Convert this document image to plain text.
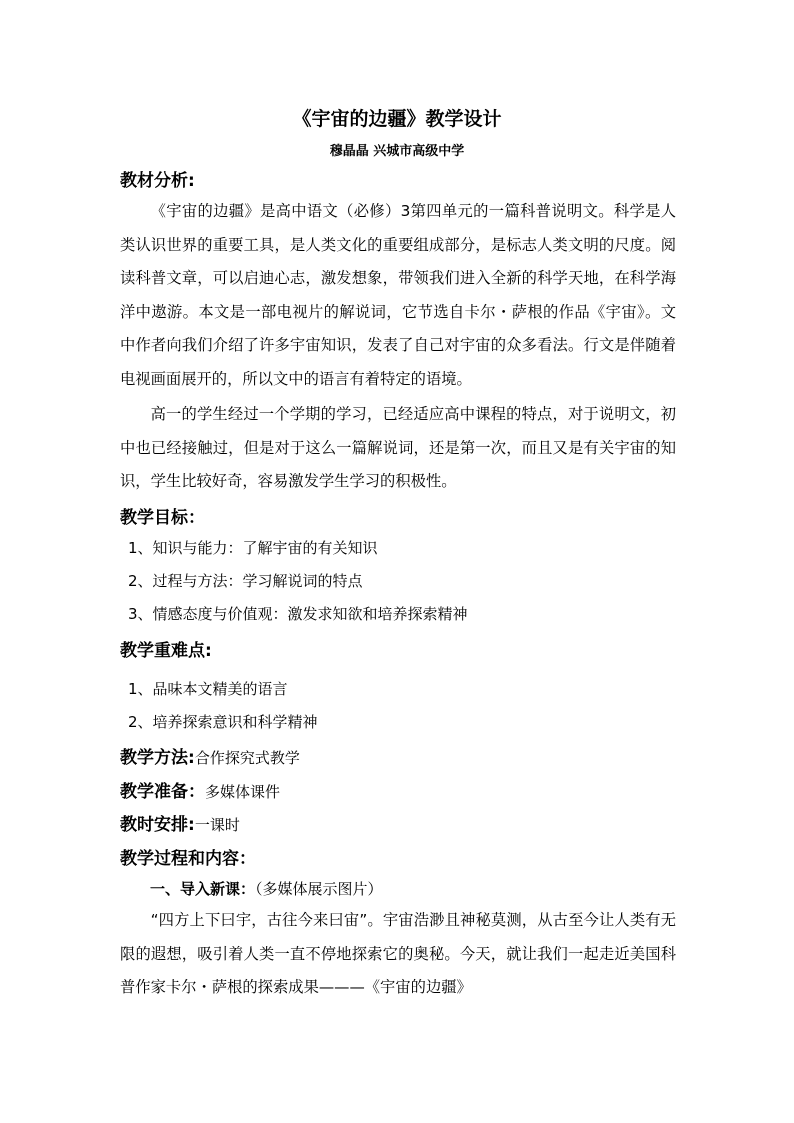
《宇宙的边疆》教学设计
穆晶晶 兴城市高级中学
教材分析:

《宇宙的边疆》是高中语文（必修）3第四单元的一篇科普说明文。科学是人类认识世界的重要工具，是人类文化的重要组成部分，是标志人类文明的尺度。阅读科普文章，可以启迪心志，激发想象，带领我们进入全新的科学天地，在科学海洋中遨游。本文是一部电视片的解说词，它节选自卡尔・萨根的作品《宇宙》。文中作者向我们介绍了许多宇宙知识，发表了自己对宇宙的众多看法。行文是伴随着电视画面展开的，所以文中的语言有着特定的语境。

高一的学生经过一个学期的学习，已经适应高中课程的特点，对于说明文，初中也已经接触过，但是对于这么一篇解说词，还是第一次，而且又是有关宇宙的知识，学生比较好奇，容易激发学生学习的积极性。

教学目标：
1、知识与能力：了解宇宙的有关知识
2、过程与方法：学习解说词的特点
3、情感态度与价值观：激发求知欲和培养探索精神
教学重难点:
1、品味本文精美的语言
2、培养探索意识和科学精神
教学方法:合作探究式教学
教学准备：多媒体课件
教时安排:一课时
教学过程和内容：
一、导入新课：（多媒体展示图片）

“四方上下曰宇，古往今来曰宙”。宇宙浩渺且神秘莫测，从古至今让人类有无限的遐想，吸引着人类一直不停地探索它的奥秘。今天，就让我们一起走近美国科普作家卡尔・萨根的探索成果———《宇宙的边疆》
